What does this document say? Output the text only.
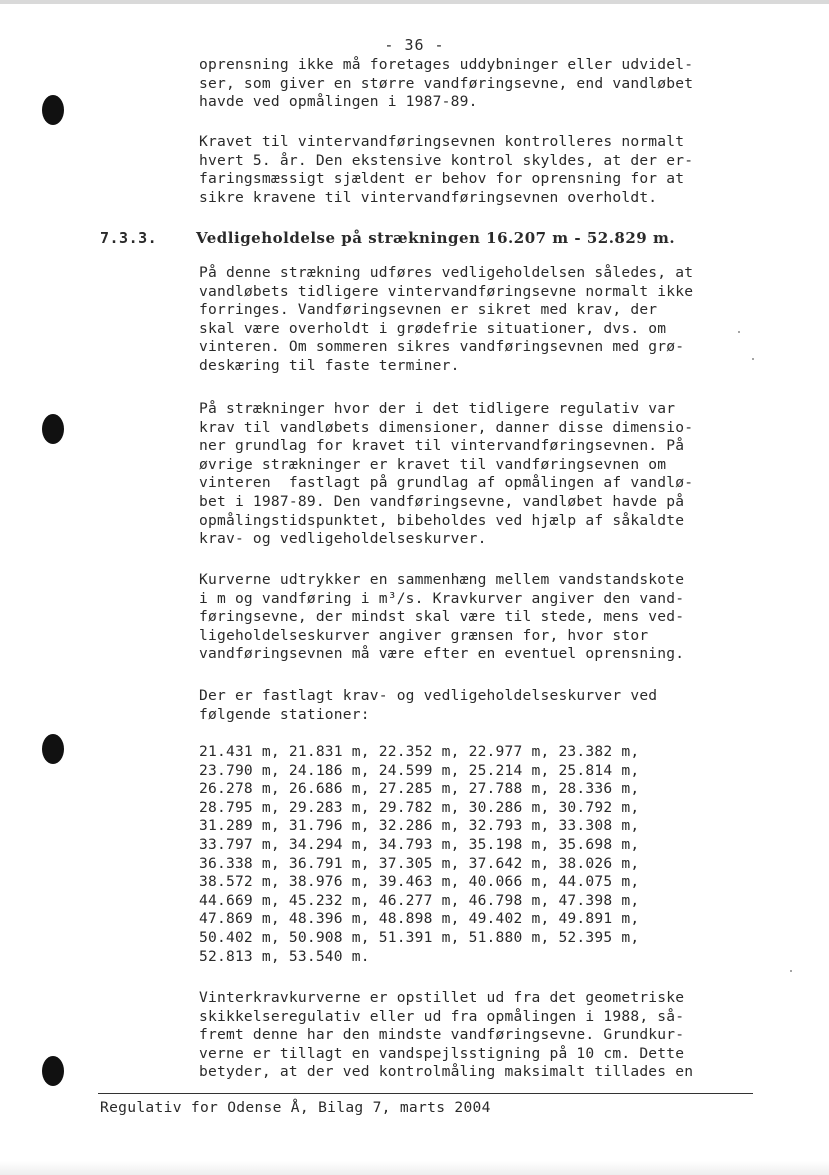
- 36 -
oprensning ikke må foretages uddybninger eller udvidel-
ser, som giver en større vandføringsevne, end vandløbet
havde ved opmålingen i 1987-89.
Kravet til vintervandføringsevnen kontrolleres normalt
hvert 5. år. Den ekstensive kontrol skyldes, at der er-
faringsmæssigt sjældent er behov for oprensning for at
sikre kravene til vintervandføringsevnen overholdt.
7.3.3.	Vedligeholdelse på strækningen 16.207 m - 52.829 m.
På denne strækning udføres vedligeholdelsen således, at
vandløbets tidligere vintervandføringsevne normalt ikke
forringes. Vandføringsevnen er sikret med krav, der
skal være overholdt i grødefrie situationer, dvs. om
vinteren. Om sommeren sikres vandføringsevnen med grø-
deskæring til faste terminer.
På strækninger hvor der i det tidligere regulativ var
krav til vandløbets dimensioner, danner disse dimensio-
ner grundlag for kravet til vintervandføringsevnen. På
øvrige strækninger er kravet til vandføringsevnen om
vinteren  fastlagt på grundlag af opmålingen af vandlø-
bet i 1987-89. Den vandføringsevne, vandløbet havde på
opmålingstidspunktet, bibeholdes ved hjælp af såkaldte
krav- og vedligeholdelseskurver.
Kurverne udtrykker en sammenhæng mellem vandstandskote
i m og vandføring i m³/s. Kravkurver angiver den vand-
føringsevne, der mindst skal være til stede, mens ved-
ligeholdelseskurver angiver grænsen for, hvor stor
vandføringsevnen må være efter en eventuel oprensning.
Der er fastlagt krav- og vedligeholdelseskurver ved
følgende stationer:
21.431 m, 21.831 m, 22.352 m, 22.977 m, 23.382 m,
23.790 m, 24.186 m, 24.599 m, 25.214 m, 25.814 m,
26.278 m, 26.686 m, 27.285 m, 27.788 m, 28.336 m,
28.795 m, 29.283 m, 29.782 m, 30.286 m, 30.792 m,
31.289 m, 31.796 m, 32.286 m, 32.793 m, 33.308 m,
33.797 m, 34.294 m, 34.793 m, 35.198 m, 35.698 m,
36.338 m, 36.791 m, 37.305 m, 37.642 m, 38.026 m,
38.572 m, 38.976 m, 39.463 m, 40.066 m, 44.075 m,
44.669 m, 45.232 m, 46.277 m, 46.798 m, 47.398 m,
47.869 m, 48.396 m, 48.898 m, 49.402 m, 49.891 m,
50.402 m, 50.908 m, 51.391 m, 51.880 m, 52.395 m,
52.813 m, 53.540 m.
Vinterkravkurverne er opstillet ud fra det geometriske
skikkelseregulativ eller ud fra opmålingen i 1988, så-
fremt denne har den mindste vandføringsevne. Grundkur-
verne er tillagt en vandspejlsstigning på 10 cm. Dette
betyder, at der ved kontrolmåling maksimalt tillades en
Regulativ for Odense Å, Bilag 7, marts 2004
